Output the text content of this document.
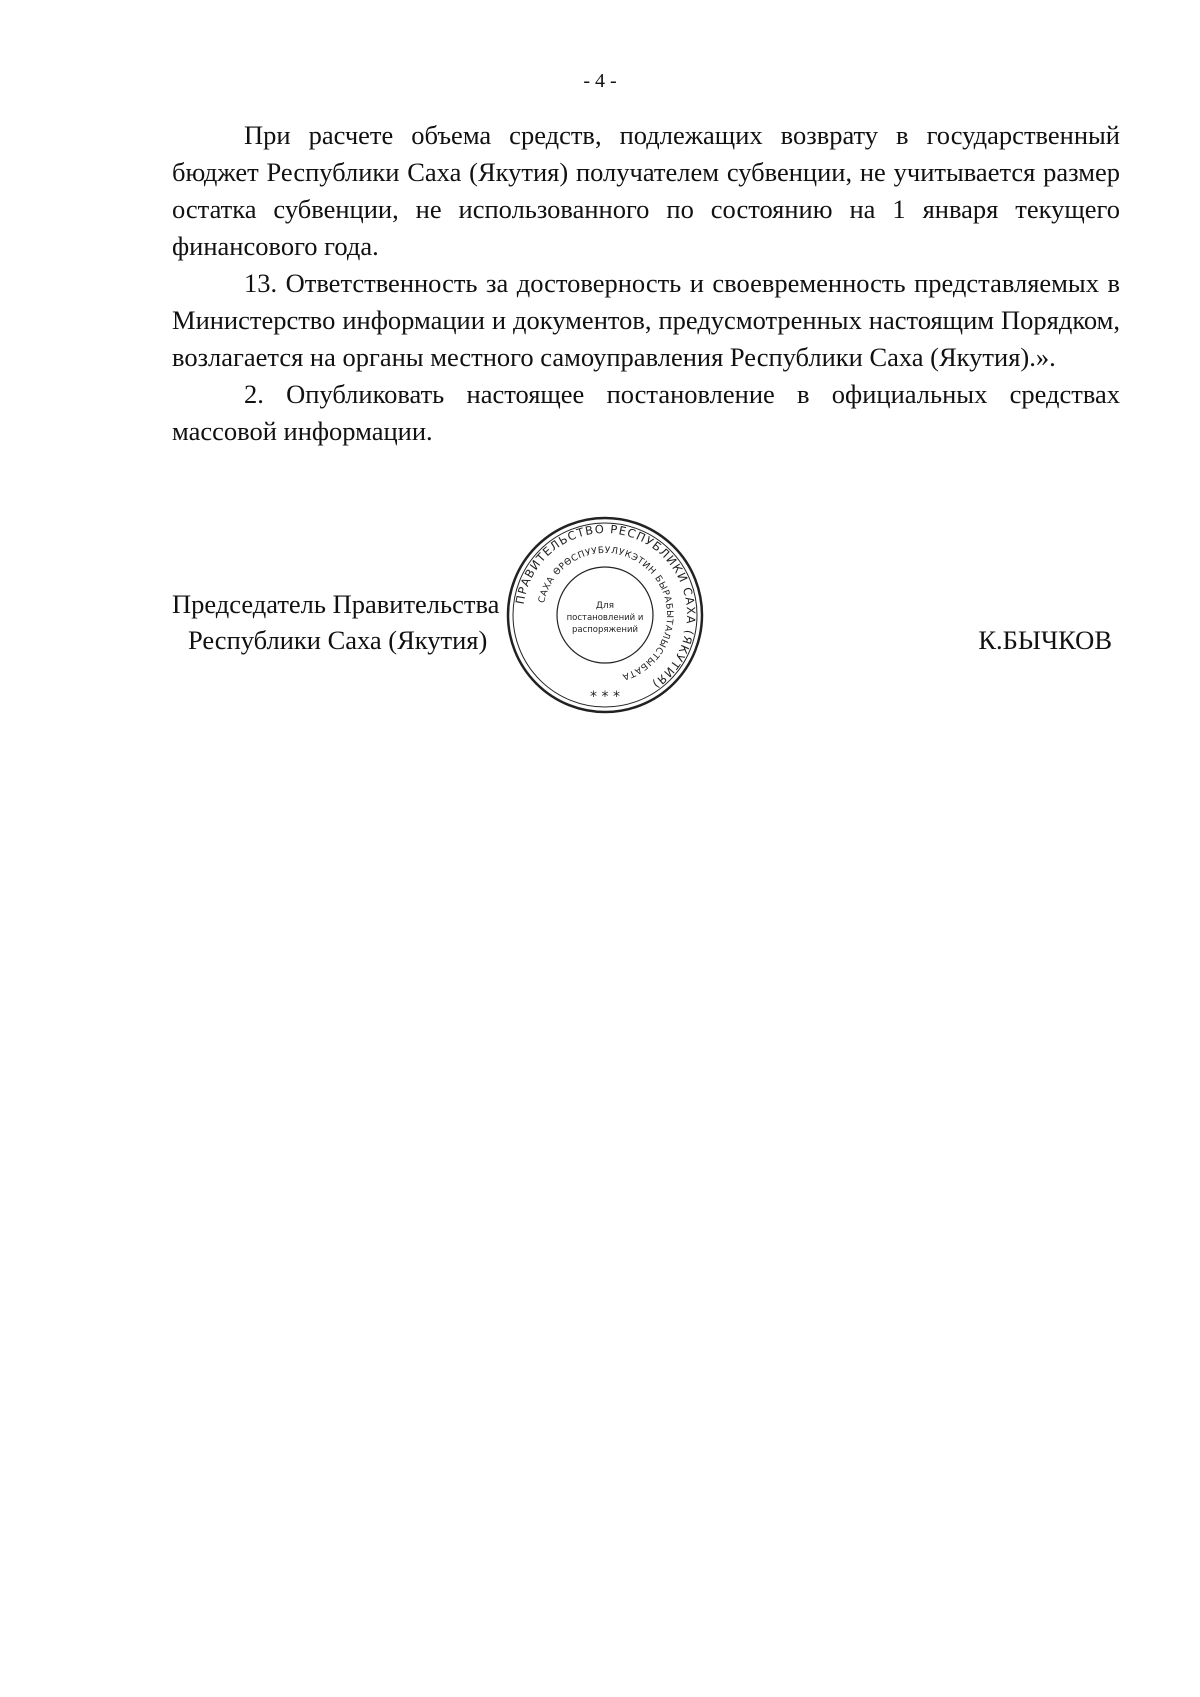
- 4 -

При расчете объема средств, подлежащих возврату в государственный бюджет Республики Саха (Якутия) получателем субвенции, не учитывается размер остатка субвенции, не использованного по состоянию на 1 января текущего финансового года.

13. Ответственность за достоверность и своевременность представляемых в Министерство информации и документов, предусмотренных настоящим Порядком, возлагается на органы местного самоуправления Республики Саха (Якутия).».

2. Опубликовать настоящее постановление в официальных средствах массовой информации.

Председатель Правительства
Республики Саха (Якутия)	К.БЫЧКОВ
ПРАВИТЕЛЬСТВО РЕСПУБЛИКИ САХА (ЯКУТИЯ)
САХА ӨРӨСПУУБУЛУКЭТИН БЫРАБЫТАЛЫСТЫБАТА
Для
постановлений и
распоряжений
* * *
